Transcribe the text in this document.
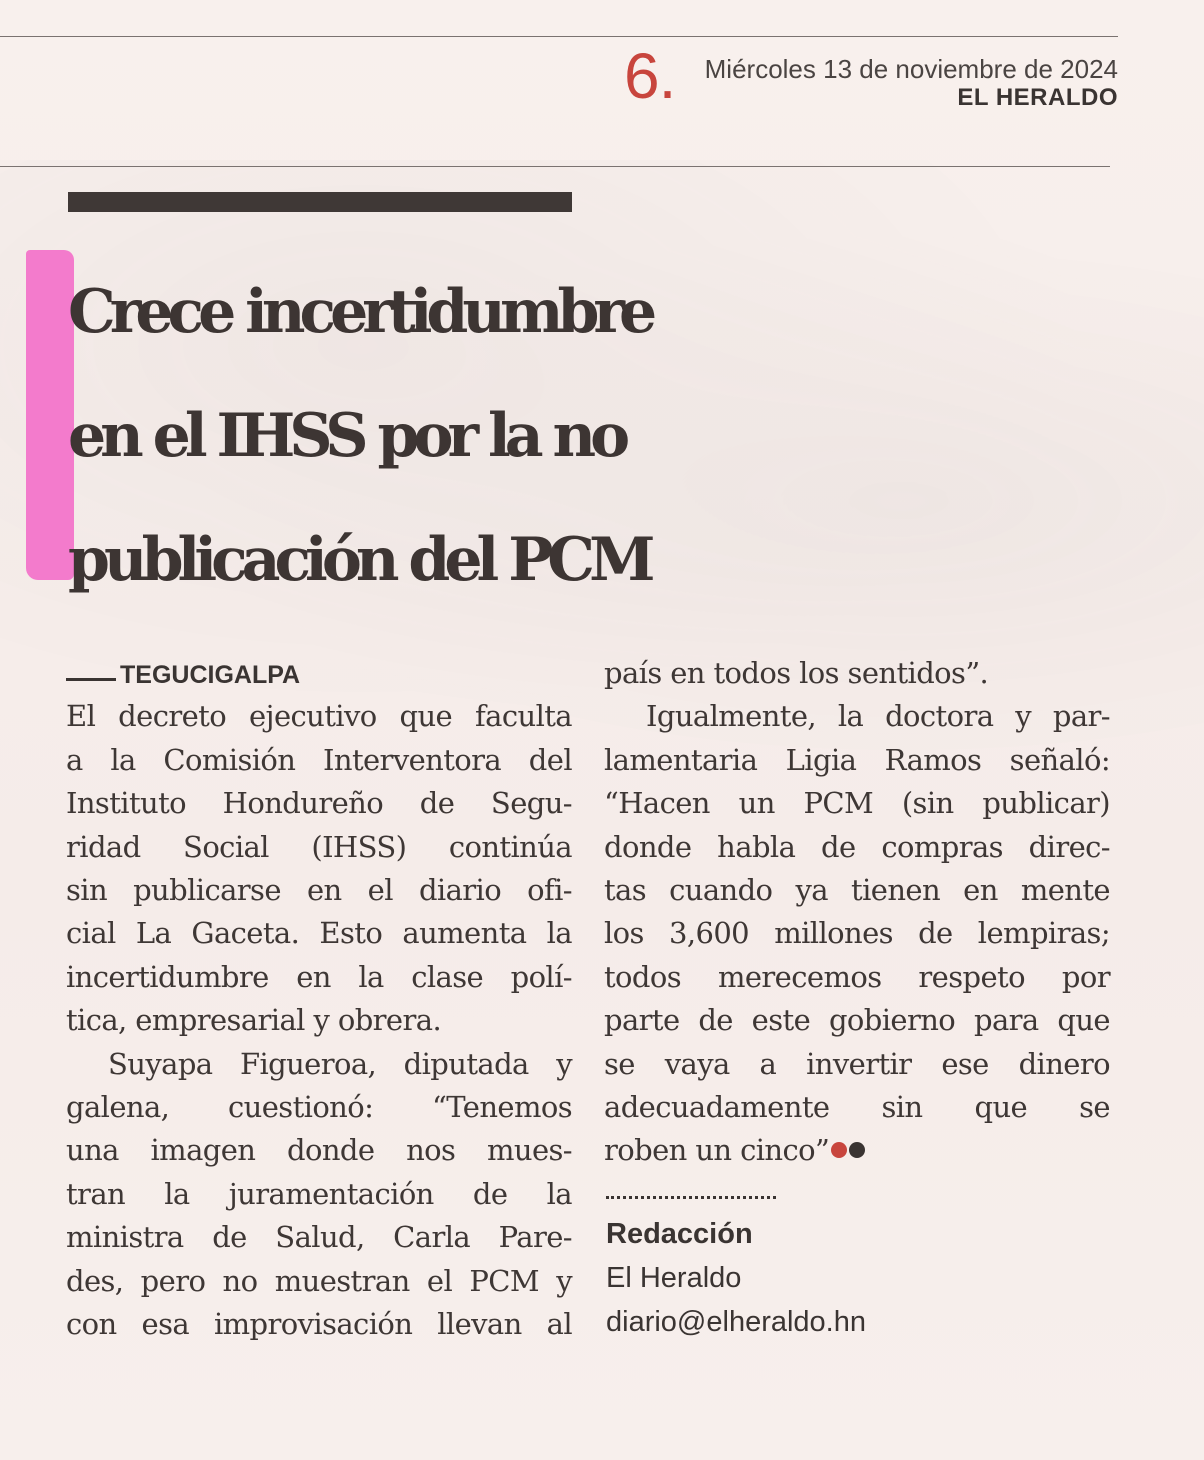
6. Miércoles 13 de noviembre de 2024
EL HERALDO
Crece incertidumbre
en el IHSS por la no
publicación del PCM
TEGUCIGALPA
El decreto ejecutivo que faculta
a la Comisión Interventora del
Instituto Hondureño de Segu-
ridad Social (IHSS) continúa
sin publicarse en el diario ofi-
cial La Gaceta. Esto aumenta la
incertidumbre en la clase polí-
tica, empresarial y obrera.
Suyapa Figueroa, diputada y
galena, cuestionó: “Tenemos
una imagen donde nos mues-
tran la juramentación de la
ministra de Salud, Carla Pare-
des, pero no muestran el PCM y
con esa improvisación llevan al
país en todos los sentidos”.
Igualmente, la doctora y par-
lamentaria Ligia Ramos señaló:
“Hacen un PCM (sin publicar)
donde habla de compras direc-
tas cuando ya tienen en mente
los 3,600 millones de lempiras;
todos merecemos respeto por
parte de este gobierno para que
se vaya a invertir ese dinero
adecuadamente sin que se
roben un cinco”
Redacción
El Heraldo
diario@elheraldo.hn
